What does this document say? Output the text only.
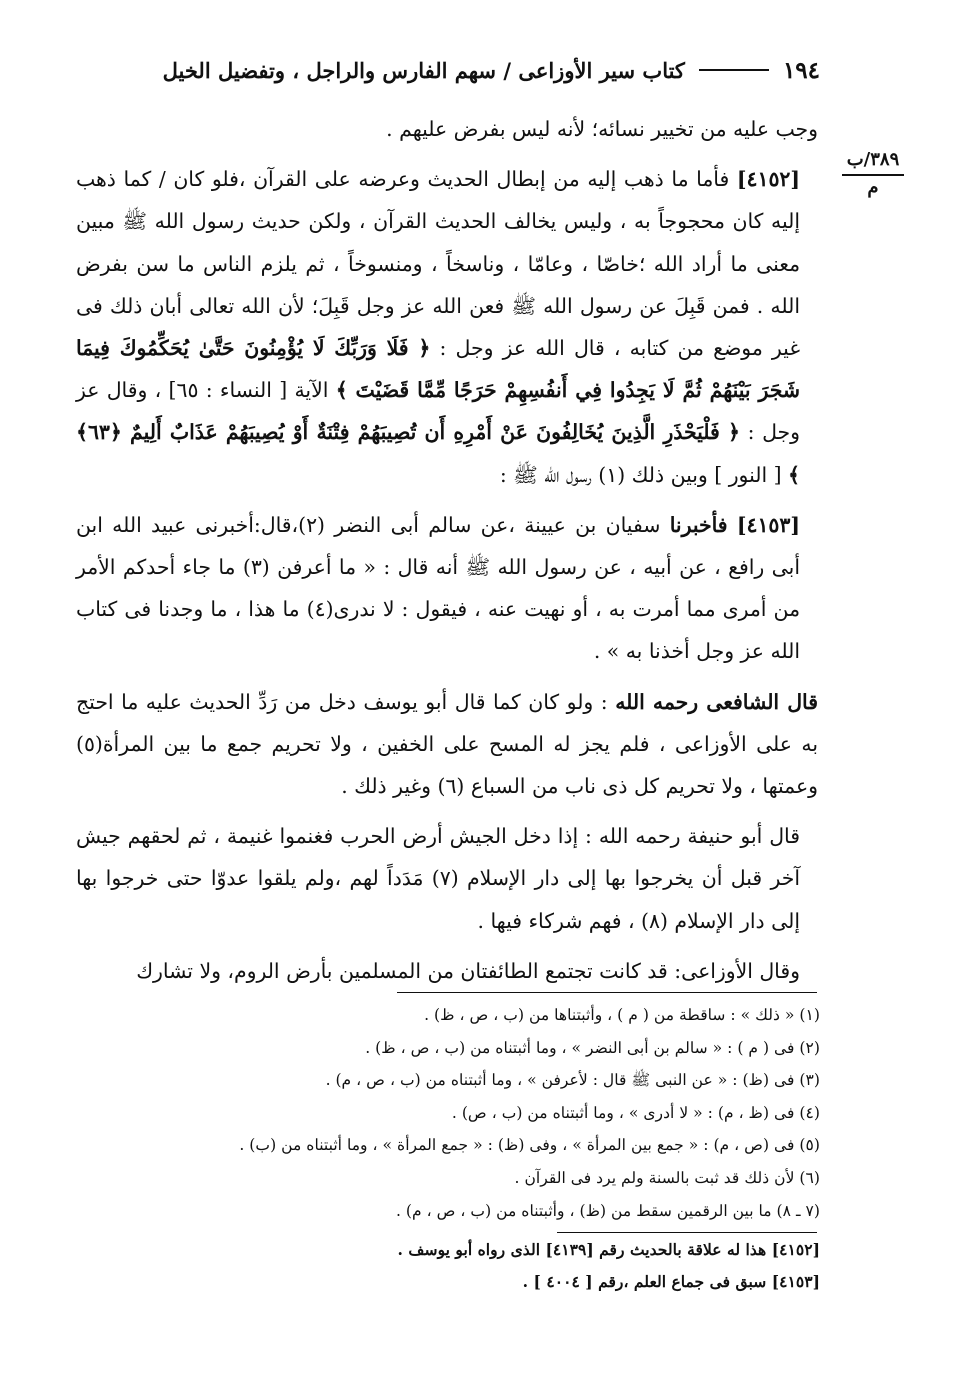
١٩٤
كتاب سير الأوزاعى / سهم الفارس والراجل ، وتفضيل الخيل
٣٨٩/ب
م

وجب عليه من تخيير نسائه؛ لأنه ليس بفرض عليهم .

[٤١٥٢] فأما ما ذهب إليه من إبطال الحديث وعرضه على القرآن ،فلو كان / كما ذهب إليه كان محجوجاً به ، وليس يخالف الحديث القرآن ، ولكن حديث رسول الله ﷺ مبين معنى ما أراد الله ؛خاصّا ، وعامّا ، وناسخاً ، ومنسوخاً ، ثم يلزم الناس ما سن بفرض الله . فمن قَبِلَ عن رسول الله ﷺ فعن الله عز وجل قَبِلَ؛ لأن الله تعالى أبان ذلك فى غير موضع من كتابه ، قال الله عز وجل : ﴿ فَلَا وَرَبِّكَ لَا يُؤْمِنُونَ حَتَّىٰ يُحَكِّمُوكَ فِيمَا شَجَرَ بَيْنَهُمْ ثُمَّ لَا يَجِدُوا فِي أَنفُسِهِمْ حَرَجًا مِّمَّا قَضَيْتَ ﴾ الآية [ النساء : ٦٥] ، وقال عز وجل : ﴿ فَلْيَحْذَرِ الَّذِينَ يُخَالِفُونَ عَنْ أَمْرِهِ أَن تُصِيبَهُمْ فِتْنَةٌ أَوْ يُصِيبَهُمْ عَذَابٌ أَلِيمٌ ﴿٦٣﴾ ﴾ [ النور ] وبين ذلك (١) رسول الله ﷺ :

[٤١٥٣] فأخبرنا سفيان بن عيينة ،عن سالم أبى النضر (٢)،قال:أخبرنى عبيد الله ابن أبى رافع ، عن أبيه ، عن رسول الله ﷺ أنه قال : « ما أعرفن (٣) ما جاء أحدكم الأمر من أمرى مما أمرت به ، أو نهيت عنه ، فيقول : لا ندرى(٤) ما هذا ، ما وجدنا فى كتاب الله عز وجل أخذنا به » .

قال الشافعى رحمه الله : ولو كان كما قال أبو يوسف دخل من رَدِّ الحديث عليه ما احتج به على الأوزاعى ، فلم يجز له المسح على الخفين ، ولا تحريم جمع ما بين المرأة(٥) وعمتها ، ولا تحريم كل ذى ناب من السباع (٦) وغير ذلك .

قال أبو حنيفة رحمه الله : إذا دخل الجيش أرض الحرب فغنموا غنيمة ، ثم لحقهم جيش آخر قبل أن يخرجوا بها إلى دار الإسلام (٧) مَدَداً لهم ،ولم يلقوا عدوّا حتى خرجوا بها إلى دار الإسلام (٨) ، فهم شركاء فيها .

وقال الأوزاعى: قد كانت تجتمع الطائفتان من المسلمين بأرض الروم، ولا تشارك

(١) « ذلك » : ساقطة من ( م ) ، وأثبتناها من (ب ، ص ، ظ) .

(٢) فى ( م ) : « سالم بن أبى النضر » ، وما أثبتناه من (ب ، ص ، ظ) .

(٣) فى (ظ) : « عن النبى ﷺ قال : لأعرفن » ، وما أثبتناه من (ب ، ص ، م) .

(٤) فى (ظ ، م) : « لا أدرى » ، وما أثبتناه من (ب ، ص) .

(٥) فى (ص ، م) : « جمع بين المرأة » ، وفى (ظ) : « جمع المرأة » ، وما أثبتناه من (ب) .

(٦) لأن ذلك قد ثبت بالسنة ولم يرد فى القرآن .

(٧ ـ ٨) ما بين الرقمين سقط من (ظ) ، وأثبتناه من (ب ، ص ، م) .

[٤١٥٢] هذا له علاقة بالحديث رقم [٤١٣٩] الذى رواه أبو يوسف .

[٤١٥٣] سبق فى جماع العلم ،رقم [ ٤٠٠٤ ] .
